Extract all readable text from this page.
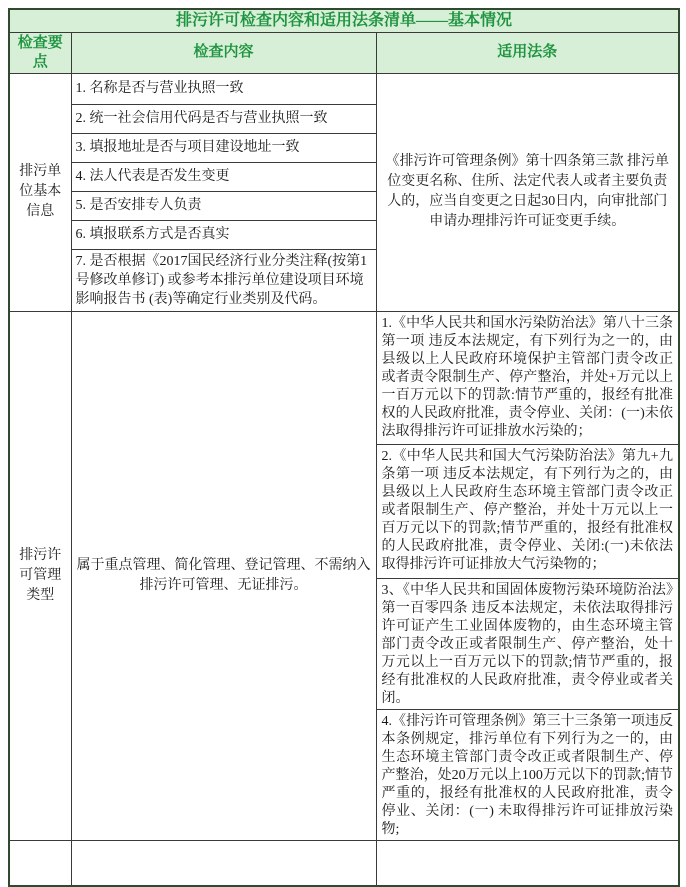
排污许可检查内容和适用法条清单——基本情况		
检查要点	检查内容	适用法条
排污单位基本信息	1. 名称是否与营业执照一致	《排污许可管理条例》第十四条第三款 排污单位变更名称、住所、法定代表人或者主要负责人的，应当自变更之日起30日内，向审批部门申请办理排污许可证变更手续。
	2. 统一社会信用代码是否与营业执照一致	
	3. 填报地址是否与项目建设地址一致	
	4. 法人代表是否发生变更	
	5. 是否安排专人负责	
	6. 填报联系方式是否真实	
	7. 是否根据《2017国民经济行业分类注释(按第1号修改单修订) 或参考本排污单位建设项目环境影响报告书 (表)等确定行业类别及代码。	
排污许可管理类型	属于重点管理、简化管理、登记管理、不需纳入排污许可管理、无证排污。	1.《中华人民共和国水污染防治法》第八十三条第一项 违反本法规定，有下列行为之一的，由县级以上人民政府环境保护主管部门责令改正或者责令限制生产、停产整治，并处+万元以上一百万元以下的罚款:情节严重的，报经有批准权的人民政府批准，责令停业、关闭：(一)未依法取得排污许可证排放水污染的；
		2.《中华人民共和国大气污染防治法》第九+九条第一项 违反本法规定，有下列行为之的，由县级以上人民政府生态环境主管部门责令改正或者限制生产、停产整治，并处十万元以上一百万元以下的罚款;情节严重的，报经有批准权的人民政府批准，责令停业、关闭:(一)未依法取得排污许可证排放大气污染物的；
		3、《中华人民共和国固体废物污染环境防治法》第一百零四条 违反本法规定，未依法取得排污许可证产生工业固体废物的，由生态环境主管部门责令改正或者限制生产、停产整治，处十万元以上一百万元以下的罚款;情节严重的，报经有批准权的人民政府批准，责令停业或者关闭。
		4.《排污许可管理条例》第三十三条第一项违反本条例规定，排污单位有下列行为之一的，由生态环境主管部门责令改正或者限制生产、停产整治，处20万元以上100万元以下的罚款;情节严重的，报经有批准权的人民政府批准，责令停业、关闭：(一) 未取得排污许可证排放污染物;
